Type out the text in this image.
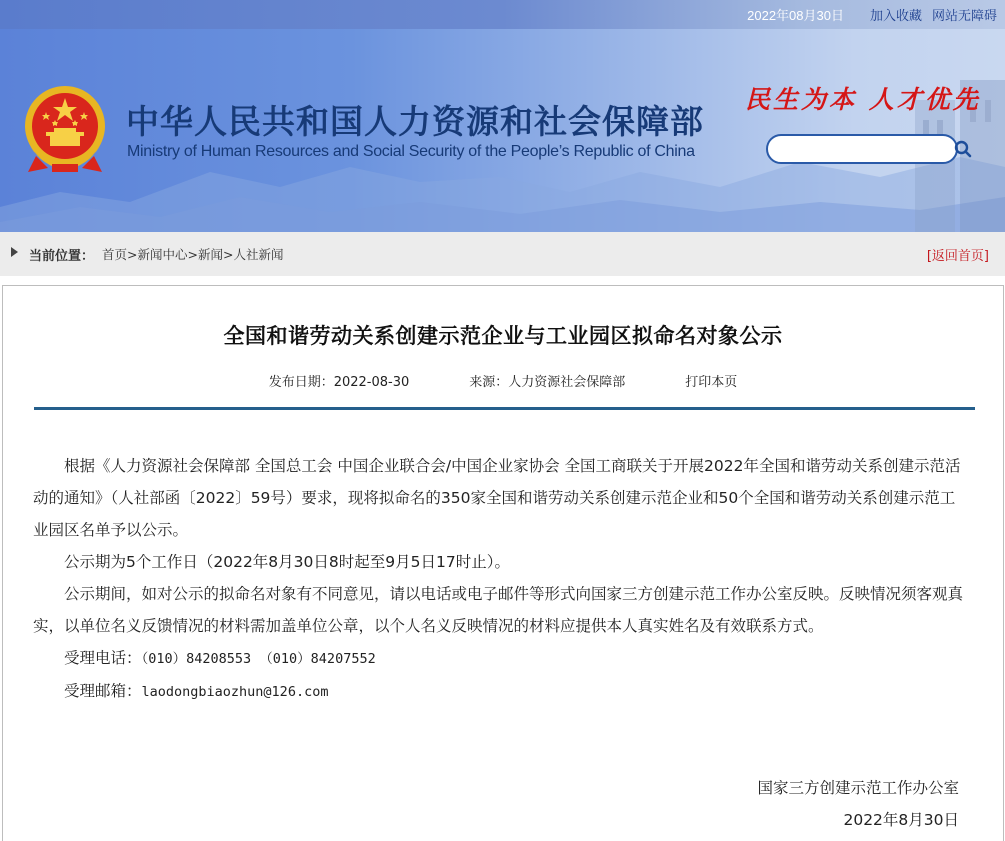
2022年08月30日 加入收藏 网站无障碍
中华人民共和国人力资源和社会保障部
Ministry of Human Resources and Social Security of the People’s Republic of China
民生为本 人才优先
当前位置： 首页>新闻中心>新闻>人社新闻	[返回首页]
全国和谐劳动关系创建示范企业与工业园区拟命名对象公示
发布日期：2022-08-30	来源：人力资源社会保障部	打印本页

根据《人力资源社会保障部 全国总工会 中国企业联合会/中国企业家协会 全国工商联关于开展2022年全国和谐劳动关系创建示范活动的通知》（人社部函〔2022〕59号）要求，现将拟命名的350家全国和谐劳动关系创建示范企业和50个全国和谐劳动关系创建示范工业园区名单予以公示。

公示期为5个工作日（2022年8月30日8时起至9月5日17时止）。

公示期间，如对公示的拟命名对象有不同意见，请以电话或电子邮件等形式向国家三方创建示范工作办公室反映。反映情况须客观真实，以单位名义反馈情况的材料需加盖单位公章，以个人名义反映情况的材料应提供本人真实姓名及有效联系方式。

受理电话：（010）84208553 （010）84207552

受理邮箱：laodongbiaozhun@126.com

国家三方创建示范工作办公室
2022年8月30日
